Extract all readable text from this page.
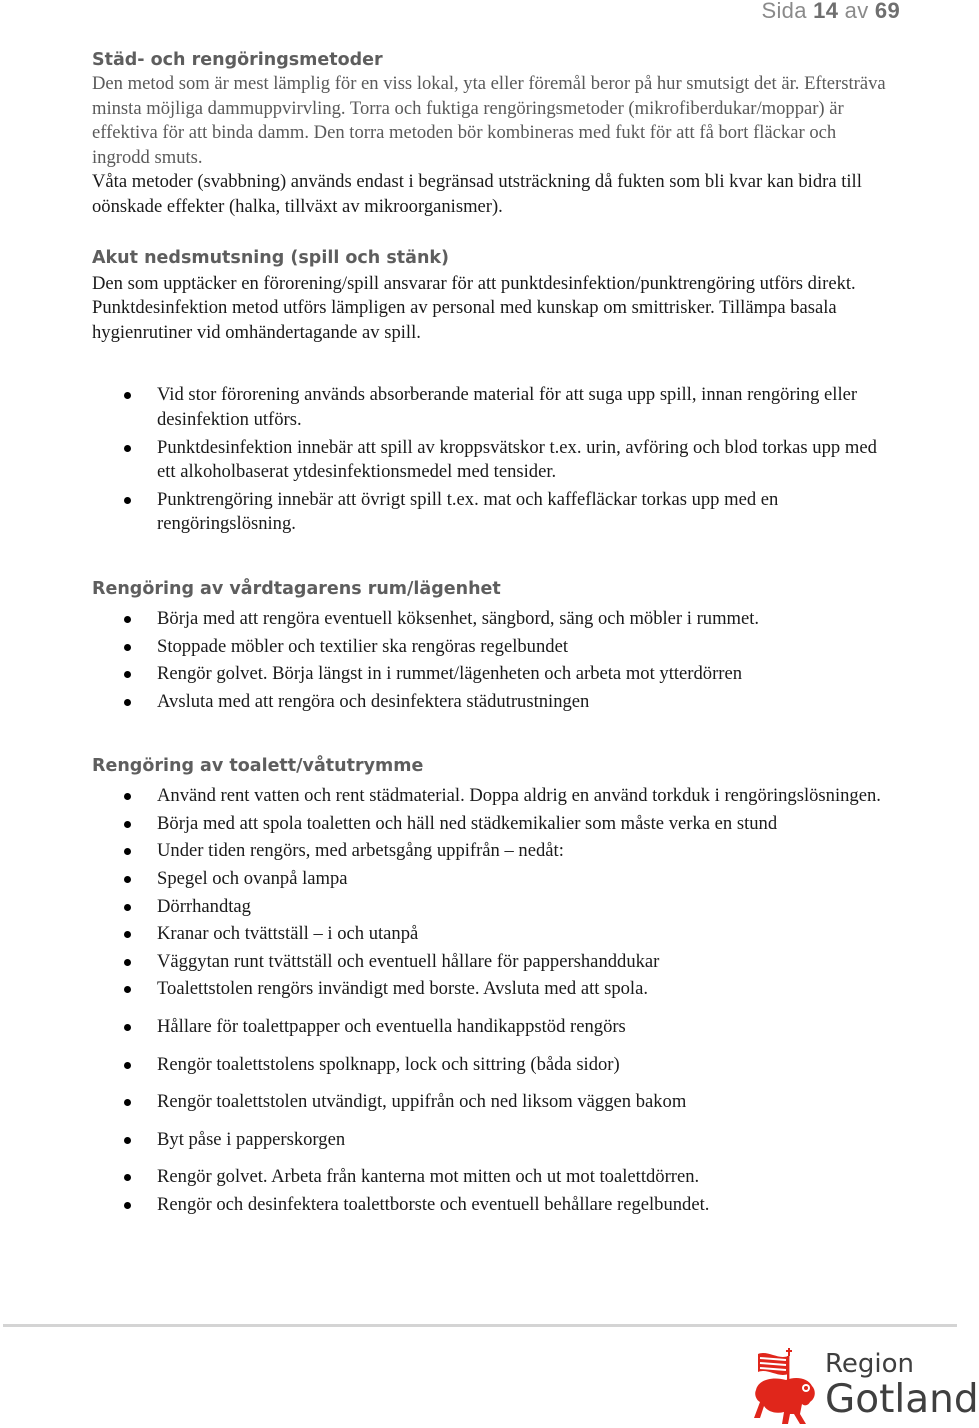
Sida 14 av 69
Städ- och rengöringsmetoder

Den metod som är mest lämplig för en viss lokal, yta eller föremål beror på hur smutsigt det är. Eftersträva minsta möjliga dammuppvirvling. Torra och fuktiga rengöringsmetoder (mikrofiberdukar/moppar) är effektiva för att binda damm. Den torra metoden bör kombineras med fukt för att få bort fläckar och ingrodd smuts.

Våta metoder (svabbning) används endast i begränsad utsträckning då fukten som bli kvar kan bidra till oönskade effekter (halka, tillväxt av mikroorganismer).

Akut nedsmutsning (spill och stänk)

Den som upptäcker en förorening/spill ansvarar för att punktdesinfektion/punktrengöring utförs direkt. Punktdesinfektion metod utförs lämpligen av personal med kunskap om smittrisker. Tillämpa basala hygienrutiner vid omhändertagande av spill.

Vid stor förorening används absorberande material för att suga upp spill, innan rengöring eller desinfektion utförs.
Punktdesinfektion innebär att spill av kroppsvätskor t.ex. urin, avföring och blod torkas upp med ett alkoholbaserat ytdesinfektionsmedel med tensider.
Punktrengöring innebär att övrigt spill t.ex. mat och kaffefläckar torkas upp med en rengöringslösning.
Rengöring av vårdtagarens rum/lägenhet
Börja med att rengöra eventuell köksenhet, sängbord, säng och möbler i rummet.
Stoppade möbler och textilier ska rengöras regelbundet
Rengör golvet. Börja längst in i rummet/lägenheten och arbeta mot ytterdörren
Avsluta med att rengöra och desinfektera städutrustningen
Rengöring av toalett/våtutrymme
Använd rent vatten och rent städmaterial. Doppa aldrig en använd torkduk i rengöringslösningen.
Börja med att spola toaletten och häll ned städkemikalier som måste verka en stund
Under tiden rengörs, med arbetsgång uppifrån – nedåt:
Spegel och ovanpå lampa
Dörrhandtag
Kranar och tvättställ – i och utanpå
Väggytan runt tvättställ och eventuell hållare för pappershanddukar
Toalettstolen rengörs invändigt med borste. Avsluta med att spola.
Hållare för toalettpapper och eventuella handikappstöd rengörs
Rengör toalettstolens spolknapp, lock och sittring (båda sidor)
Rengör toalettstolen utvändigt, uppifrån och ned liksom väggen bakom
Byt påse i papperskorgen
Rengör golvet. Arbeta från kanterna mot mitten och ut mot toalettdörren.
Rengör och desinfektera toalettborste och eventuell behållare regelbundet.
Region
Gotland
